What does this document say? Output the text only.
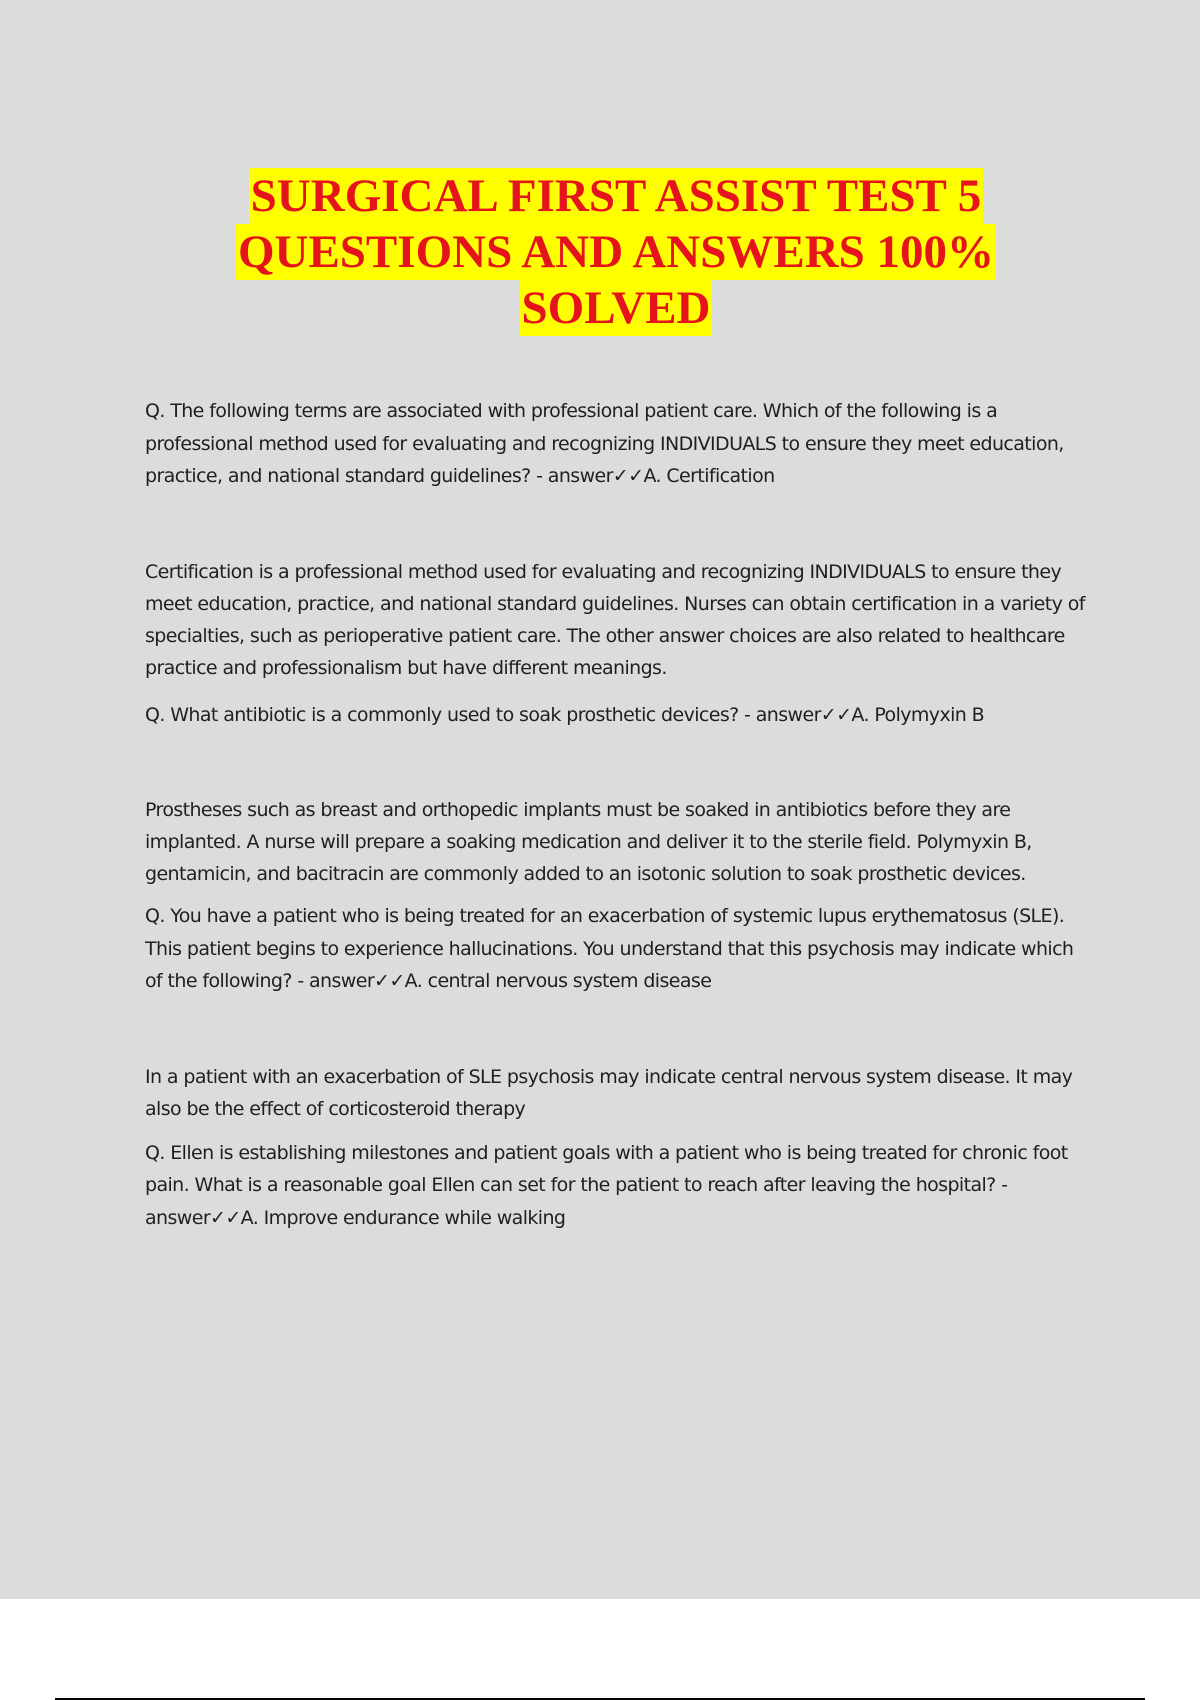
SURGICAL FIRST ASSIST TEST 5
QUESTIONS AND ANSWERS 100%
SOLVED

Q. The following terms are associated with professional patient care. Which of the following is a professional method used for evaluating and recognizing INDIVIDUALS to ensure they meet education, practice, and national standard guidelines? - answer✓✓A. Certification

Certification is a professional method used for evaluating and recognizing INDIVIDUALS to ensure they meet education, practice, and national standard guidelines. Nurses can obtain certification in a variety of specialties, such as perioperative patient care. The other answer choices are also related to healthcare practice and professionalism but have different meanings.

Q. What antibiotic is a commonly used to soak prosthetic devices? - answer✓✓A. Polymyxin B

Prostheses such as breast and orthopedic implants must be soaked in antibiotics before they are implanted. A nurse will prepare a soaking medication and deliver it to the sterile field. Polymyxin B, gentamicin, and bacitracin are commonly added to an isotonic solution to soak prosthetic devices.

Q. You have a patient who is being treated for an exacerbation of systemic lupus erythematosus (SLE). This patient begins to experience hallucinations. You understand that this psychosis may indicate which of the following? - answer✓✓A. central nervous system disease

In a patient with an exacerbation of SLE psychosis may indicate central nervous system disease. It may also be the effect of corticosteroid therapy

Q. Ellen is establishing milestones and patient goals with a patient who is being treated for chronic foot pain. What is a reasonable goal Ellen can set for the patient to reach after leaving the hospital? - answer✓✓A. Improve endurance while walking
